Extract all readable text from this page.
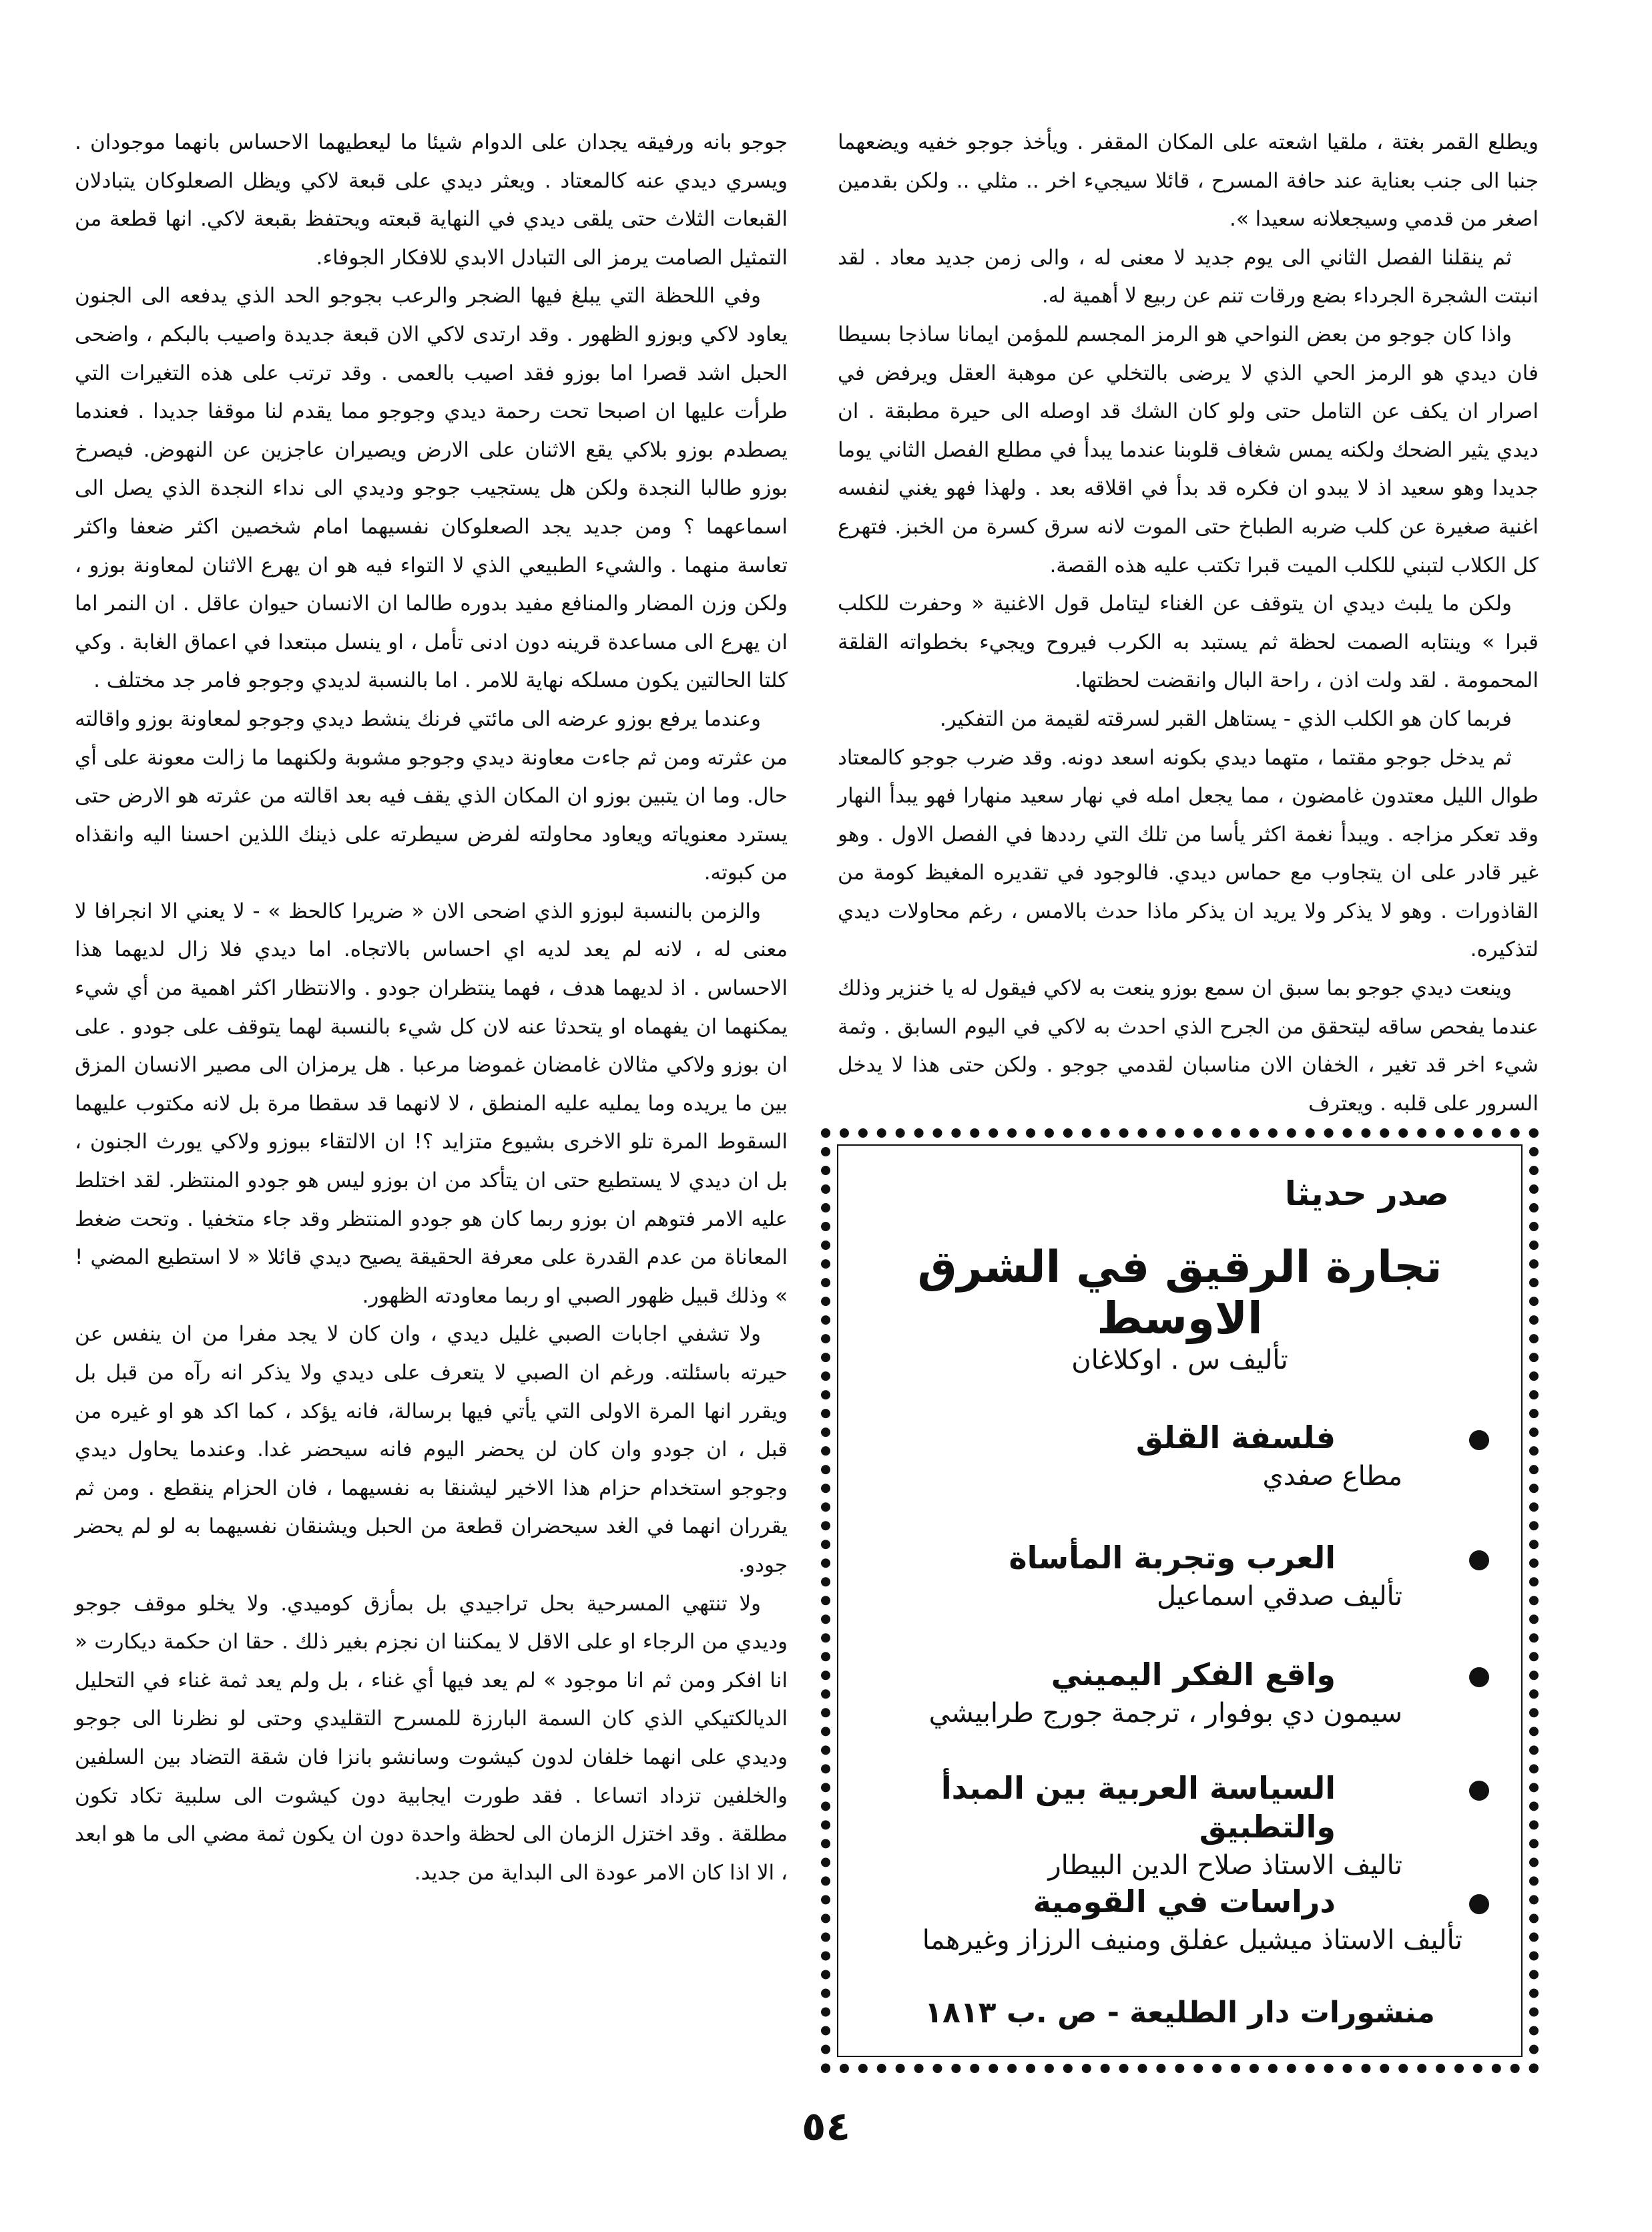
ويطلع القمر بغتة ، ملقيا اشعته على المكان المقفر . ويأخذ جوجو خفيه ويضعهما جنبا الى جنب بعناية عند حافة المسرح ، قائلا سيجيء اخر .. مثلي .. ولكن بقدمين اصغر من قدمي وسيجعلانه سعيدا ».

ثم ينقلنا الفصل الثاني الى يوم جديد لا معنى له ، والى زمن جديد معاد . لقد انبتت الشجرة الجرداء بضع ورقات تنم عن ربيع لا أهمية له.

واذا كان جوجو من بعض النواحي هو الرمز المجسم للمؤمن ايمانا ساذجا بسيطا فان ديدي هو الرمز الحي الذي لا يرضى بالتخلي عن موهبة العقل ويرفض في اصرار ان يكف عن التامل حتى ولو كان الشك قد اوصله الى حيرة مطبقة . ان ديدي يثير الضحك ولكنه يمس شغاف قلوبنا عندما يبدأ في مطلع الفصل الثاني يوما جديدا وهو سعيد اذ لا يبدو ان فكره قد بدأ في اقلاقه بعد . ولهذا فهو يغني لنفسه اغنية صغيرة عن كلب ضربه الطباخ حتى الموت لانه سرق كسرة من الخبز. فتهرع كل الكلاب لتبني للكلب الميت قبرا تكتب عليه هذه القصة.

ولكن ما يلبث ديدي ان يتوقف عن الغناء ليتامل قول الاغنية « وحفرت للكلب قبرا » وينتابه الصمت لحظة ثم يستبد به الكرب فيروح ويجيء بخطواته القلقة المحمومة . لقد ولت اذن ، راحة البال وانقضت لحظتها.

فربما كان هو الكلب الذي - يستاهل القبر لسرقته لقيمة من التفكير.

ثم يدخل جوجو مقتما ، متهما ديدي بكونه اسعد دونه. وقد ضرب جوجو كالمعتاد طوال الليل معتدون غامضون ، مما يجعل امله في نهار سعيد منهارا فهو يبدأ النهار وقد تعكر مزاجه . ويبدأ نغمة اكثر يأسا من تلك التي رددها في الفصل الاول . وهو غير قادر على ان يتجاوب مع حماس ديدي. فالوجود في تقديره المغيظ كومة من القاذورات . وهو لا يذكر ولا يريد ان يذكر ماذا حدث بالامس ، رغم محاولات ديدي لتذكيره.

وينعت ديدي جوجو بما سبق ان سمع بوزو ينعت به لاكي فيقول له يا خنزير وذلك عندما يفحص ساقه ليتحقق من الجرح الذي احدث به لاكي في اليوم السابق . وثمة شيء اخر قد تغير ، الخفان الان مناسبان لقدمي جوجو . ولكن حتى هذا لا يدخل السرور على قلبه . ويعترف

جوجو بانه ورفيقه يجدان على الدوام شيئا ما ليعطيهما الاحساس بانهما موجودان . ويسري ديدي عنه كالمعتاد . ويعثر ديدي على قبعة لاكي ويظل الصعلوكان يتبادلان القبعات الثلاث حتى يلقى ديدي في النهاية قبعته ويحتفظ بقبعة لاكي. انها قطعة من التمثيل الصامت يرمز الى التبادل الابدي للافكار الجوفاء.

وفي اللحظة التي يبلغ فيها الضجر والرعب بجوجو الحد الذي يدفعه الى الجنون يعاود لاكي وبوزو الظهور . وقد ارتدى لاكي الان قبعة جديدة واصيب بالبكم ، واضحى الحبل اشد قصرا اما بوزو فقد اصيب بالعمى . وقد ترتب على هذه التغيرات التي طرأت عليها ان اصبحا تحت رحمة ديدي وجوجو مما يقدم لنا موقفا جديدا . فعندما يصطدم بوزو بلاكي يقع الاثنان على الارض ويصيران عاجزين عن النهوض. فيصرخ بوزو طالبا النجدة ولكن هل يستجيب جوجو وديدي الى نداء النجدة الذي يصل الى اسماعهما ؟ ومن جديد يجد الصعلوكان نفسيهما امام شخصين اكثر ضعفا واكثر تعاسة منهما . والشيء الطبيعي الذي لا التواء فيه هو ان يهرع الاثنان لمعاونة بوزو ، ولكن وزن المضار والمنافع مفيد بدوره طالما ان الانسان حيوان عاقل . ان النمر اما ان يهرع الى مساعدة قرينه دون ادنى تأمل ، او ينسل مبتعدا في اعماق الغابة . وكي كلتا الحالتين يكون مسلكه نهاية للامر . اما بالنسبة لديدي وجوجو فامر جد مختلف .

وعندما يرفع بوزو عرضه الى مائتي فرنك ينشط ديدي وجوجو لمعاونة بوزو واقالته من عثرته ومن ثم جاءت معاونة ديدي وجوجو مشوبة ولكنهما ما زالت معونة على أي حال. وما ان يتبين بوزو ان المكان الذي يقف فيه بعد اقالته من عثرته هو الارض حتى يسترد معنوياته ويعاود محاولته لفرض سيطرته على ذينك اللذين احسنا اليه وانقذاه من كبوته.

والزمن بالنسبة لبوزو الذي اضحى الان « ضريرا كالحظ » - لا يعني الا انجرافا لا معنى له ، لانه لم يعد لديه اي احساس بالاتجاه. اما ديدي فلا زال لديهما هذا الاحساس . اذ لديهما هدف ، فهما ينتظران جودو . والانتظار اكثر اهمية من أي شيء يمكنهما ان يفهماه او يتحدثا عنه لان كل شيء بالنسبة لهما يتوقف على جودو . على ان بوزو ولاكي مثالان غامضان غموضا مرعبا . هل يرمزان الى مصير الانسان المزق بين ما يريده وما يمليه عليه المنطق ، لا لانهما قد سقطا مرة بل لانه مكتوب عليهما السقوط المرة تلو الاخرى بشيوع متزايد ؟! ان الالتقاء ببوزو ولاكي يورث الجنون ، بل ان ديدي لا يستطيع حتى ان يتأكد من ان بوزو ليس هو جودو المنتظر. لقد اختلط عليه الامر فتوهم ان بوزو ربما كان هو جودو المنتظر وقد جاء متخفيا . وتحت ضغط المعاناة من عدم القدرة على معرفة الحقيقة يصيح ديدي قائلا « لا استطيع المضي ! » وذلك قبيل ظهور الصبي او ربما معاودته الظهور.

ولا تشفي اجابات الصبي غليل ديدي ، وان كان لا يجد مفرا من ان ينفس عن حيرته باسئلته. ورغم ان الصبي لا يتعرف على ديدي ولا يذكر انه رآه من قبل بل ويقرر انها المرة الاولى التي يأتي فيها برسالة، فانه يؤكد ، كما اكد هو او غيره من قبل ، ان جودو وان كان لن يحضر اليوم فانه سيحضر غدا. وعندما يحاول ديدي وجوجو استخدام حزام هذا الاخير ليشنقا به نفسيهما ، فان الحزام ينقطع . ومن ثم يقرران انهما في الغد سيحضران قطعة من الحبل ويشنقان نفسيهما به لو لم يحضر جودو.

ولا تنتهي المسرحية بحل تراجيدي بل بمأزق كوميدي. ولا يخلو موقف جوجو وديدي من الرجاء او على الاقل لا يمكننا ان نجزم بغير ذلك . حقا ان حكمة ديكارت « انا افكر ومن ثم انا موجود » لم يعد فيها أي غناء ، بل ولم يعد ثمة غناء في التحليل الديالكتيكي الذي كان السمة البارزة للمسرح التقليدي وحتى لو نظرنا الى جوجو وديدي على انهما خلفان لدون كيشوت وسانشو بانزا فان شقة التضاد بين السلفين والخلفين تزداد اتساعا . فقد طورت ايجابية دون كيشوت الى سلبية تكاد تكون مطلقة . وقد اختزل الزمان الى لحظة واحدة دون ان يكون ثمة مضي الى ما هو ابعد ، الا اذا كان الامر عودة الى البداية من جديد.

صدر حديثا
تجارة الرقيق في الشرق الاوسط
تأليف س . اوكلاغان
فلسفة القلق
مطاع صفدي
العرب وتجربة المأساة
تأليف صدقي اسماعيل
واقع الفكر اليميني
سيمون دي بوفوار ، ترجمة جورج طرابيشي
السياسة العربية بين المبدأ والتطبيق
تاليف الاستاذ صلاح الدين البيطار
دراسات في القومية
تأليف الاستاذ ميشيل عفلق ومنيف الرزاز وغيرهما
منشورات دار الطليعة - ص .ب ١٨١٣
٥٤
